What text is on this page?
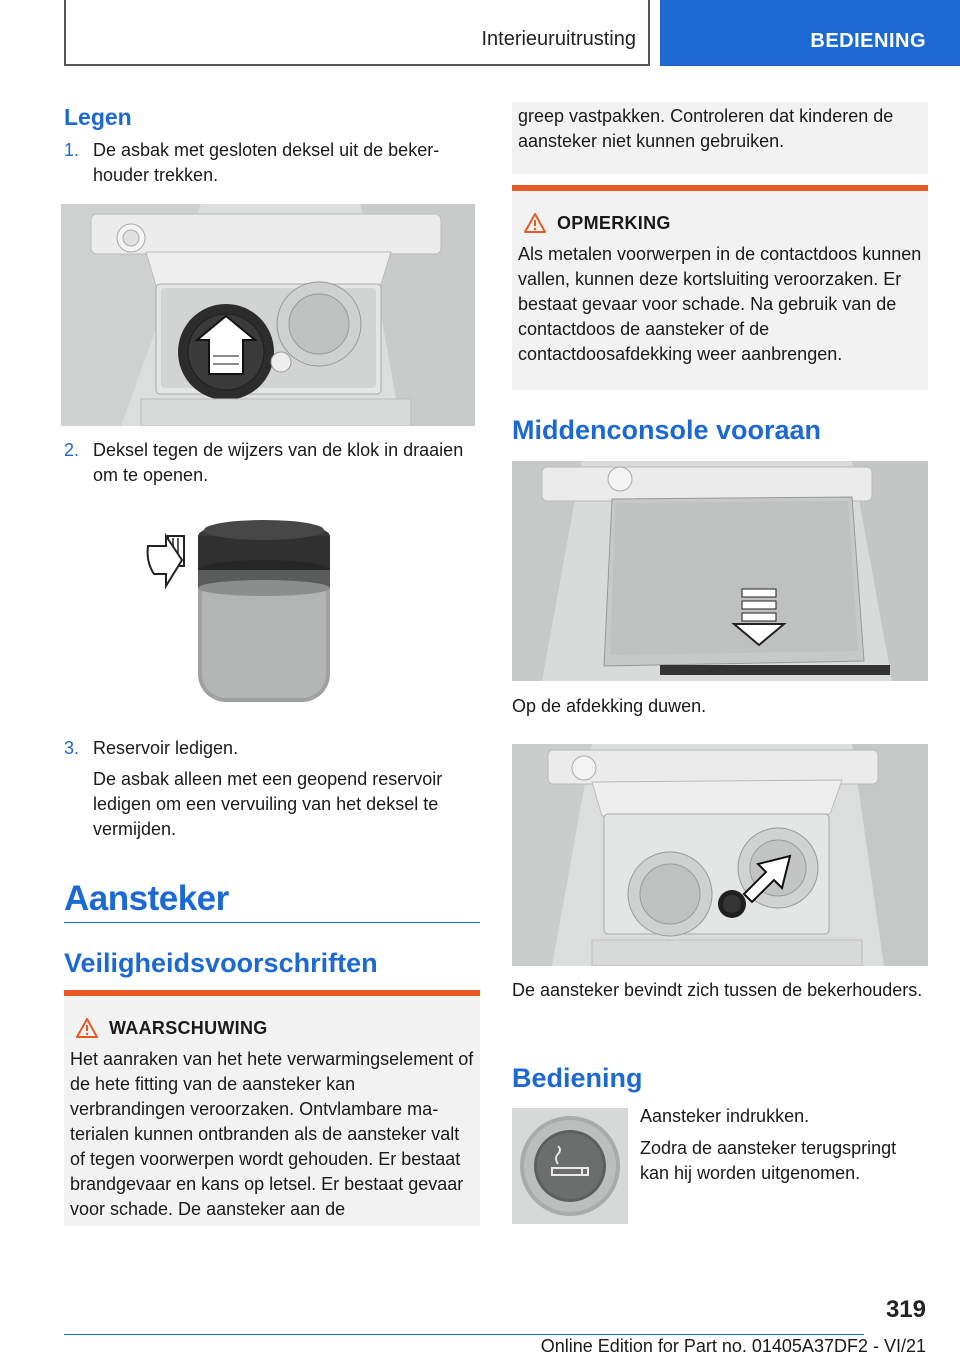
Interieuruitrusting	BEDIENING
Legen
1. De asbak met gesloten deksel uit de bekerhouder trekken.
2. Deksel tegen de wijzers van de klok in draaien om te openen.
3. Reservoir ledigen.
De asbak alleen met een geopend reservoir ledigen om een vervuiling van het deksel te vermijden.
Aansteker
Veiligheidsvoorschriften
WAARSCHUWING
Het aanraken van het hete verwarmingselement of de hete fitting van de aansteker kan verbrandingen veroorzaken. Ontvlambare materialen kunnen ontbranden als de aansteker valt of tegen voorwerpen wordt gehouden. Er bestaat brandgevaar en kans op letsel. Er bestaat gevaar voor schade. De aansteker aan de
greep vastpakken. Controleren dat kinderen de aansteker niet kunnen gebruiken.
OPMERKING
Als metalen voorwerpen in de contactdoos kunnen vallen, kunnen deze kortsluiting veroorzaken. Er bestaat gevaar voor schade. Na gebruik van de contactdoos de aansteker of de contactdoosafdekking weer aanbrengen.
Middenconsole vooraan
Op de afdekking duwen.
De aansteker bevindt zich tussen de bekerhouders.
Bediening
Aansteker indrukken.
Zodra de aansteker terugspringt kan hij worden uitgenomen.
319
Online Edition for Part no. 01405A37DF2 - VI/21
